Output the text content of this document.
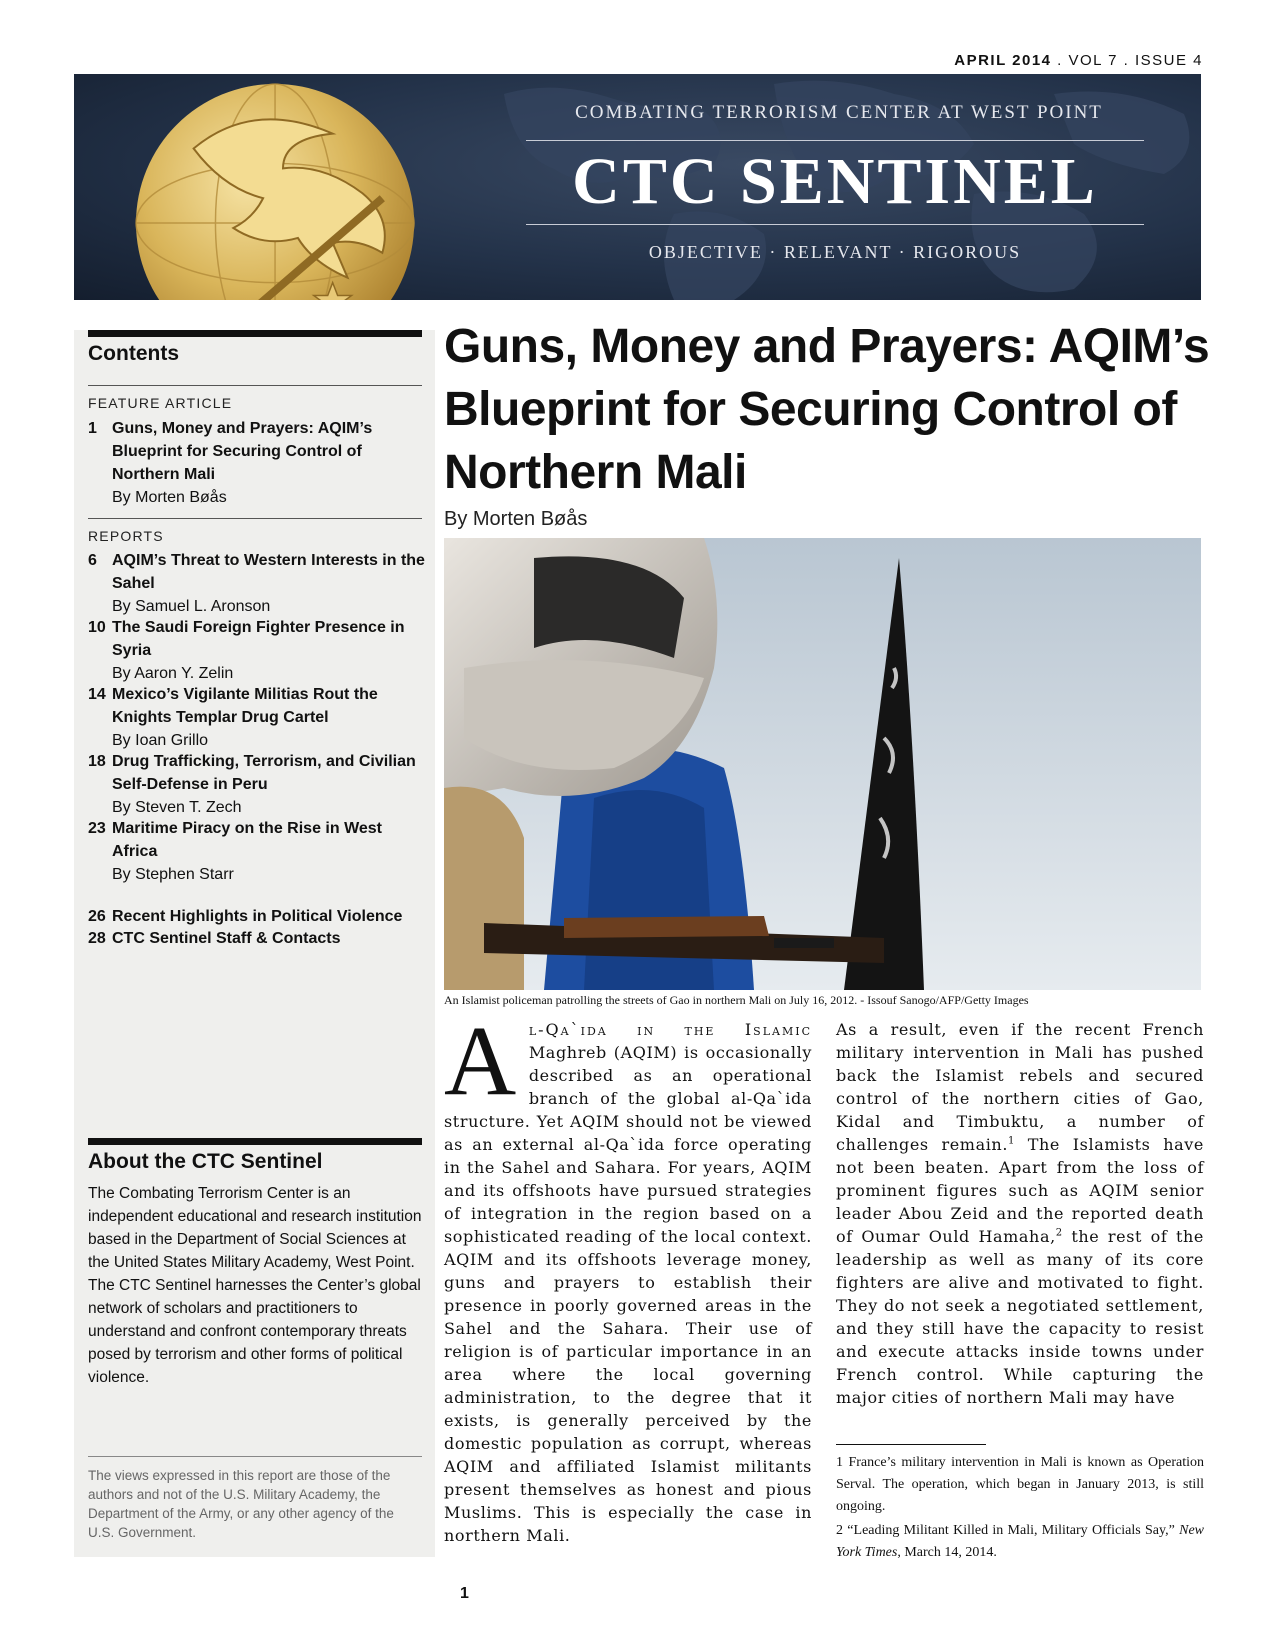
APRIL 2014 . VOL 7 . ISSUE 4
COMBATING TERRORISM CENTER AT WEST POINT
CTC SENTINEL
OBJECTIVE · RELEVANT · RIGOROUS
Contents
FEATURE ARTICLE
1 Guns, Money and Prayers: AQIM’s Blueprint for Securing Control of Northern Mali
By Morten Bøås
REPORTS
6 AQIM’s Threat to Western Interests in the Sahel
By Samuel L. Aronson
10 The Saudi Foreign Fighter Presence in Syria
By Aaron Y. Zelin
14 Mexico’s Vigilante Militias Rout the Knights Templar Drug Cartel
By Ioan Grillo
18 Drug Trafficking, Terrorism, and Civilian Self-Defense in Peru
By Steven T. Zech
23 Maritime Piracy on the Rise in West Africa
By Stephen Starr
26 Recent Highlights in Political Violence
28 CTC Sentinel Staff & Contacts
About the CTC Sentinel
The Combating Terrorism Center is an independent educational and research institution based in the Department of Social Sciences at the United States Military Academy, West Point. The CTC Sentinel harnesses the Center’s global network of scholars and practitioners to understand and confront contemporary threats posed by terrorism and other forms of political violence.
The views expressed in this report are those of the authors and not of the U.S. Military Academy, the Department of the Army, or any other agency of the U.S. Government.
Guns, Money and Prayers: AQIM’s Blueprint for Securing Control of Northern Mali
By Morten Bøås
An Islamist policeman patrolling the streets of Gao in northern Mali on July 16, 2012. - Issouf Sanogo/AFP/Getty Images
Al-Qa`ida in the Islamic Maghreb (AQIM) is occasionally described as an operational branch of the global al-Qa`ida structure. Yet AQIM should not be viewed as an external al-Qa`ida force operating in the Sahel and Sahara. For years, AQIM and its offshoots have pursued strategies of integration in the region based on a sophisticated reading of the local context. AQIM and its offshoots leverage money, guns and prayers to establish their presence in poorly governed areas in the Sahel and the Sahara. Their use of religion is of particular importance in an area where the local governing administration, to the degree that it exists, is generally perceived by the domestic population as corrupt, whereas AQIM and affiliated Islamist militants present themselves as honest and pious Muslims. This is especially the case in northern Mali.
As a result, even if the recent French military intervention in Mali has pushed back the Islamist rebels and secured control of the northern cities of Gao, Kidal and Timbuktu, a number of challenges remain.$^1$ The Islamists have not been beaten. Apart from the loss of prominent figures such as AQIM senior leader Abou Zeid and the reported death of Oumar Ould Hamaha,$^2$ the rest of the leadership as well as many of its core fighters are alive and motivated to fight. They do not seek a negotiated settlement, and they still have the capacity to resist and execute attacks inside towns under French control. While capturing the major cities of northern Mali may have

1 France’s military intervention in Mali is known as Operation Serval. The operation, which began in January 2013, is still ongoing.

2 “Leading Militant Killed in Mali, Military Officials Say,” New York Times, March 14, 2014.

1
